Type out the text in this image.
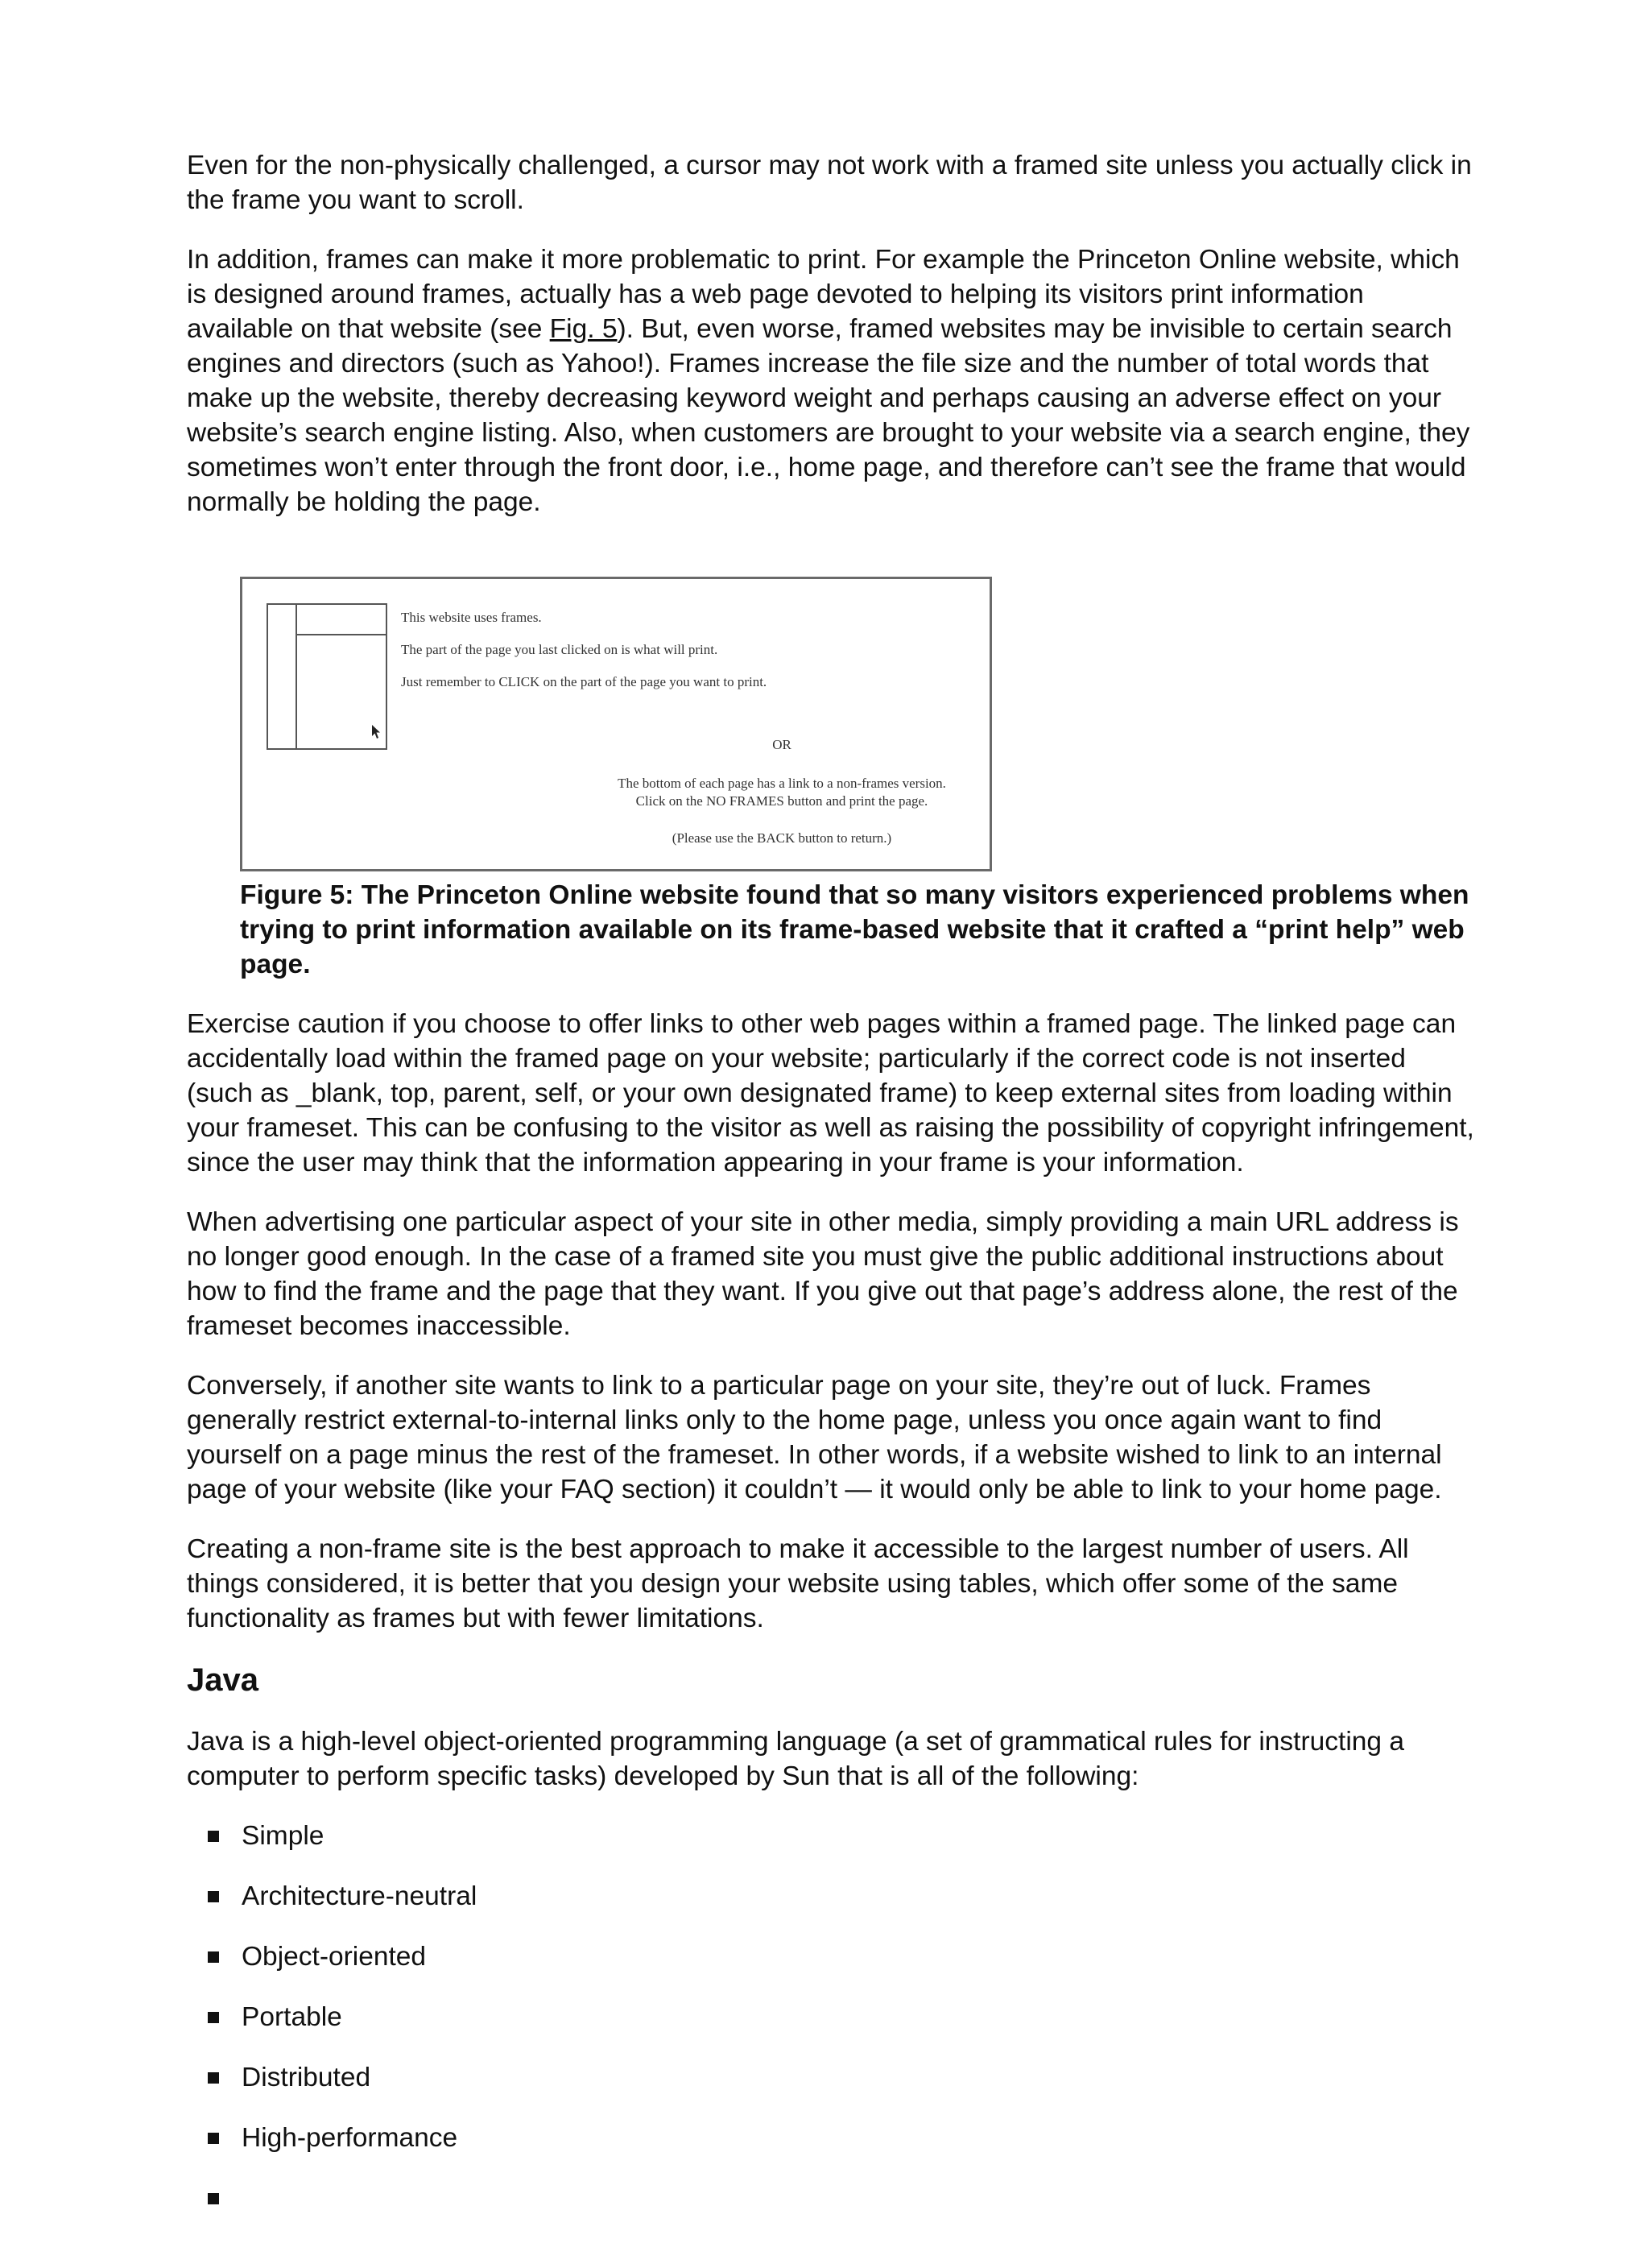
Even for the non-physically challenged, a cursor may not work with a framed site unless you actually click in the frame you want to scroll.

In addition, frames can make it more problematic to print. For example the Princeton Online website, which is designed around frames, actually has a web page devoted to helping its visitors print information available on that website (see Fig. 5). But, even worse, framed websites may be invisible to certain search engines and directors (such as Yahoo!). Frames increase the file size and the number of total words that make up the website, thereby decreasing keyword weight and perhaps causing an adverse effect on your website’s search engine listing. Also, when customers are brought to your website via a search engine, they sometimes won’t enter through the front door, i.e., home page, and therefore can’t see the frame that would normally be holding the page.

This website uses frames.
The part of the page you last clicked on is what will print.
Just remember to CLICK on the part of the page you want to print.
OR
The bottom of each page has a link to a non-frames version.
Click on the NO FRAMES button and print the page.
(Please use the BACK button to return.)
Figure 5: The Princeton Online website found that so many visitors experienced problems when trying to print information available on its frame-based website that it crafted a “print help” web page.

Exercise caution if you choose to offer links to other web pages within a framed page. The linked page can accidentally load within the framed page on your website; particularly if the correct code is not inserted (such as _blank, top, parent, self, or your own designated frame) to keep external sites from loading within your frameset. This can be confusing to the visitor as well as raising the possibility of copyright infringement, since the user may think that the information appearing in your frame is your information.

When advertising one particular aspect of your site in other media, simply providing a main URL address is no longer good enough. In the case of a framed site you must give the public additional instructions about how to find the frame and the page that they want. If you give out that page’s address alone, the rest of the frameset becomes inaccessible.

Conversely, if another site wants to link to a particular page on your site, they’re out of luck. Frames generally restrict external-to-internal links only to the home page, unless you once again want to find yourself on a page minus the rest of the frameset. In other words, if a website wished to link to an internal page of your website (like your FAQ section) it couldn’t — it would only be able to link to your home page.

Creating a non-frame site is the best approach to make it accessible to the largest number of users. All things considered, it is better that you design your website using tables, which offer some of the same functionality as frames but with fewer limitations.

Java

Java is a high-level object-oriented programming language (a set of grammatical rules for instructing a computer to perform specific tasks) developed by Sun that is all of the following:

Simple
Architecture-neutral
Object-oriented
Portable
Distributed
High-performance
